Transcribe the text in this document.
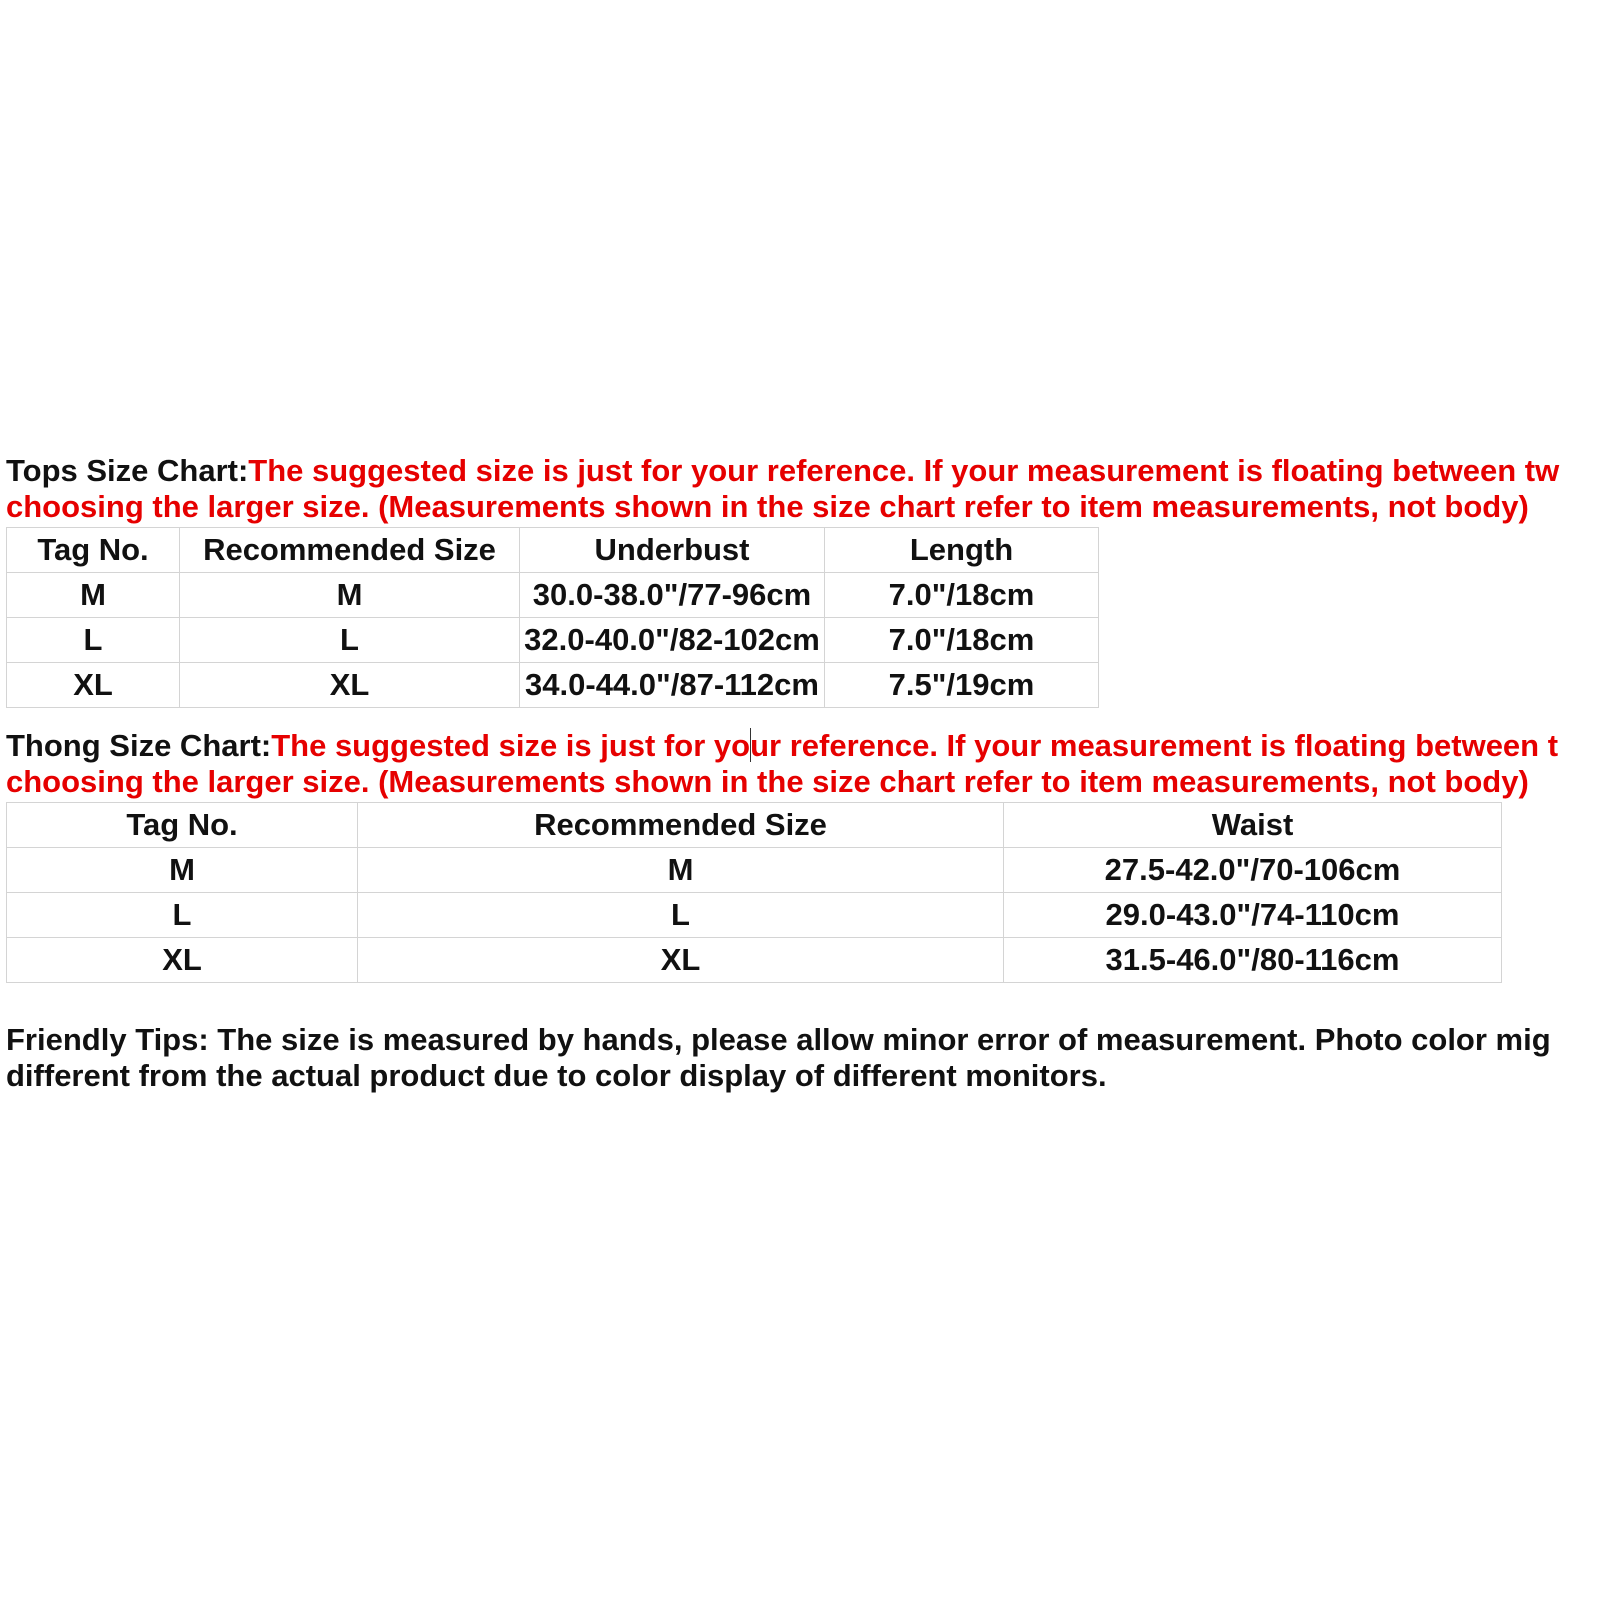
Tops Size Chart:The suggested size is just for your reference. If your measurement is floating between tw
choosing the larger size. (Measurements shown in the size chart refer to item measurements, not body)
Tag No.	Recommended Size	Underbust	Length
M	M	30.0-38.0"/77-96cm	7.0"/18cm
L	L	32.0-40.0"/82-102cm	7.0"/18cm
XL	XL	34.0-44.0"/87-112cm	7.5"/19cm
Thong Size Chart:The suggested size is just for your reference. If your measurement is floating between t
choosing the larger size. (Measurements shown in the size chart refer to item measurements, not body)
Tag No.	Recommended Size	Waist
M	M	27.5-42.0"/70-106cm
L	L	29.0-43.0"/74-110cm
XL	XL	31.5-46.0"/80-116cm
Friendly Tips: The size is measured by hands, please allow minor error of measurement. Photo color mig
different from the actual product due to color display of different monitors.
